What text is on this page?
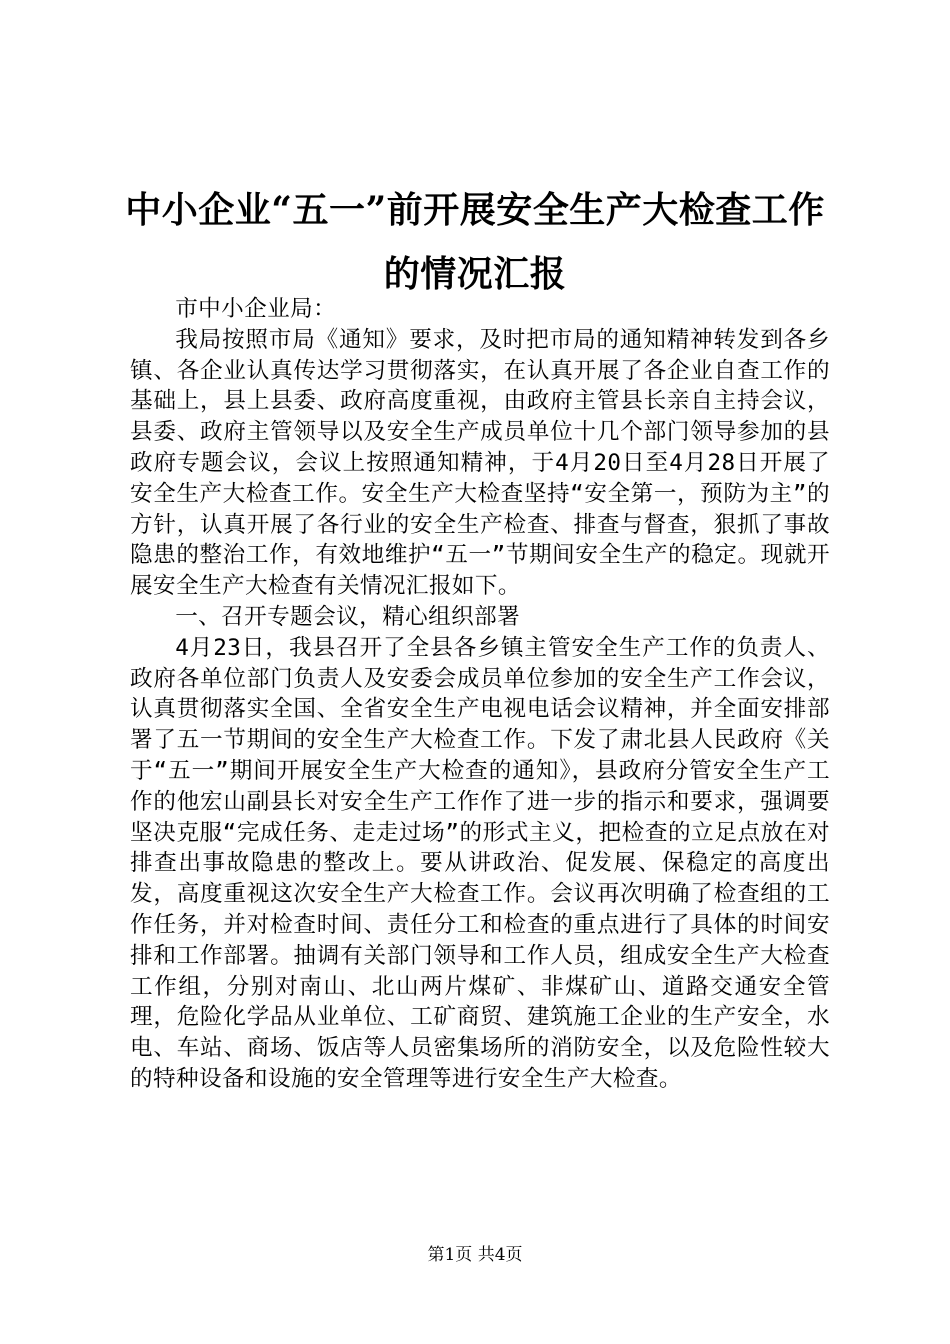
中小企业“五一”前开展安全生产大检查工作
的情况汇报

市中小企业局：

我局按照市局《通知》要求，及时把市局的通知精神转发到各乡镇、各企业认真传达学习贯彻落实，在认真开展了各企业自查工作的基础上，县上县委、政府高度重视，由政府主管县长亲自主持会议，县委、政府主管领导以及安全生产成员单位十几个部门领导参加的县政府专题会议，会议上按照通知精神，于4月20日至4月28日开展了安全生产大检查工作。安全生产大检查坚持“安全第一，预防为主”的方针，认真开展了各行业的安全生产检查、排查与督查，狠抓了事故隐患的整治工作，有效地维护“五一”节期间安全生产的稳定。现就开展安全生产大检查有关情况汇报如下。

一、召开专题会议，精心组织部署

4月23日，我县召开了全县各乡镇主管安全生产工作的负责人、政府各单位部门负责人及安委会成员单位参加的安全生产工作会议，认真贯彻落实全国、全省安全生产电视电话会议精神，并全面安排部署了五一节期间的安全生产大检查工作。下发了肃北县人民政府《关于“五一”期间开展安全生产大检查的通知》，县政府分管安全生产工作的他宏山副县长对安全生产工作作了进一步的指示和要求，强调要坚决克服“完成任务、走走过场”的形式主义，把检查的立足点放在对排查出事故隐患的整改上。要从讲政治、促发展、保稳定的高度出发，高度重视这次安全生产大检查工作。会议再次明确了检查组的工作任务，并对检查时间、责任分工和检查的重点进行了具体的时间安排和工作部署。抽调有关部门领导和工作人员，组成安全生产大检查工作组，分别对南山、北山两片煤矿、非煤矿山、道路交通安全管理，危险化学品从业单位、工矿商贸、建筑施工企业的生产安全，水电、车站、商场、饭店等人员密集场所的消防安全，以及危险性较大的特种设备和设施的安全管理等进行安全生产大检查。

第1页 共4页
